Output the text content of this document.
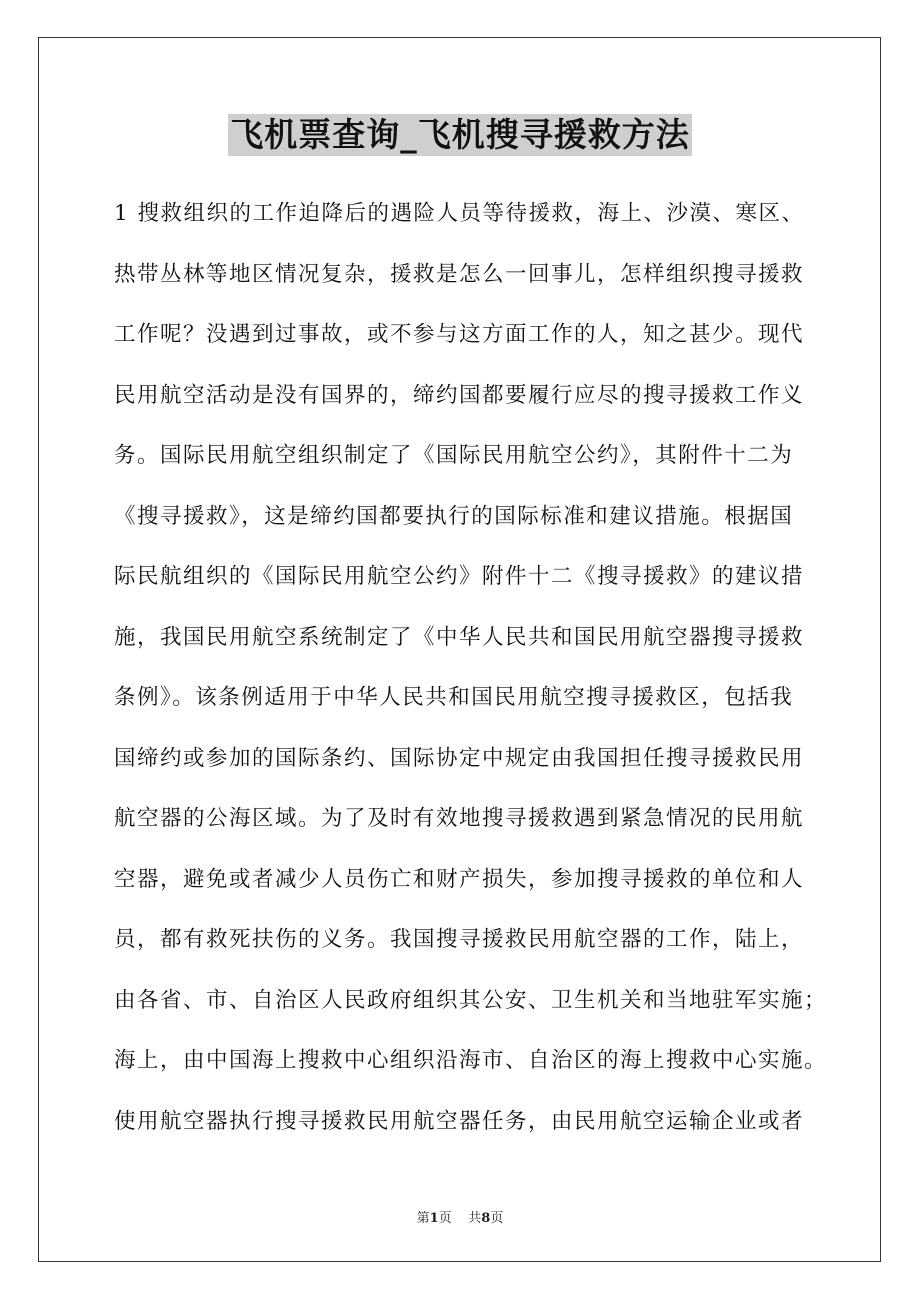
飞机票查询_飞机搜寻援救方法
1 搜救组织的工作迫降后的遇险人员等待援救，海上、沙漠、寒区、
热带丛林等地区情况复杂，援救是怎么一回事儿，怎样组织搜寻援救
工作呢？没遇到过事故，或不参与这方面工作的人，知之甚少。现代
民用航空活动是没有国界的，缔约国都要履行应尽的搜寻援救工作义
务。国际民用航空组织制定了《国际民用航空公约》，其附件十二为
《搜寻援救》，这是缔约国都要执行的国际标准和建议措施。根据国
际民航组织的《国际民用航空公约》附件十二《搜寻援救》的建议措
施，我国民用航空系统制定了《中华人民共和国民用航空器搜寻援救
条例》。该条例适用于中华人民共和国民用航空搜寻援救区，包括我
国缔约或参加的国际条约、国际协定中规定由我国担任搜寻援救民用
航空器的公海区域。为了及时有效地搜寻援救遇到紧急情况的民用航
空器，避免或者减少人员伤亡和财产损失，参加搜寻援救的单位和人
员，都有救死扶伤的义务。我国搜寻援救民用航空器的工作，陆上，
由各省、市、自治区人民政府组织其公安、卫生机关和当地驻军实施；
海上，由中国海上搜救中心组织沿海市、自治区的海上搜救中心实施。
使用航空器执行搜寻援救民用航空器任务，由民用航空运输企业或者
第1页 共8页
